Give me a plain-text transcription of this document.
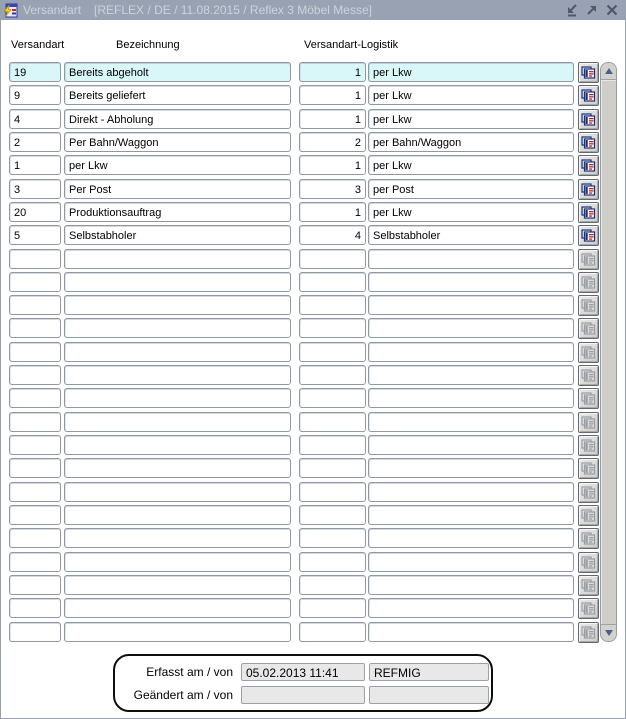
Versandart [REFLEX / DE / 11.08.2015 / Reflex 3 Möbel Messe]
Versandart	Bezeichnung	Versandart-Logistik
19	Bereits abgeholt	1	per Lkw
9	Bereits geliefert	1	per Lkw
4	Direkt - Abholung	1	per Lkw
2	Per Bahn/Waggon	2	per Bahn/Waggon
1	per Lkw	1	per Lkw
3	Per Post	3	per Post
20	Produktionsauftrag	1	per Lkw
5	Selbstabholer	4	Selbstabholer
Erfasst am / von	05.02.2013 11:41	REFMIG
Geändert am / von
